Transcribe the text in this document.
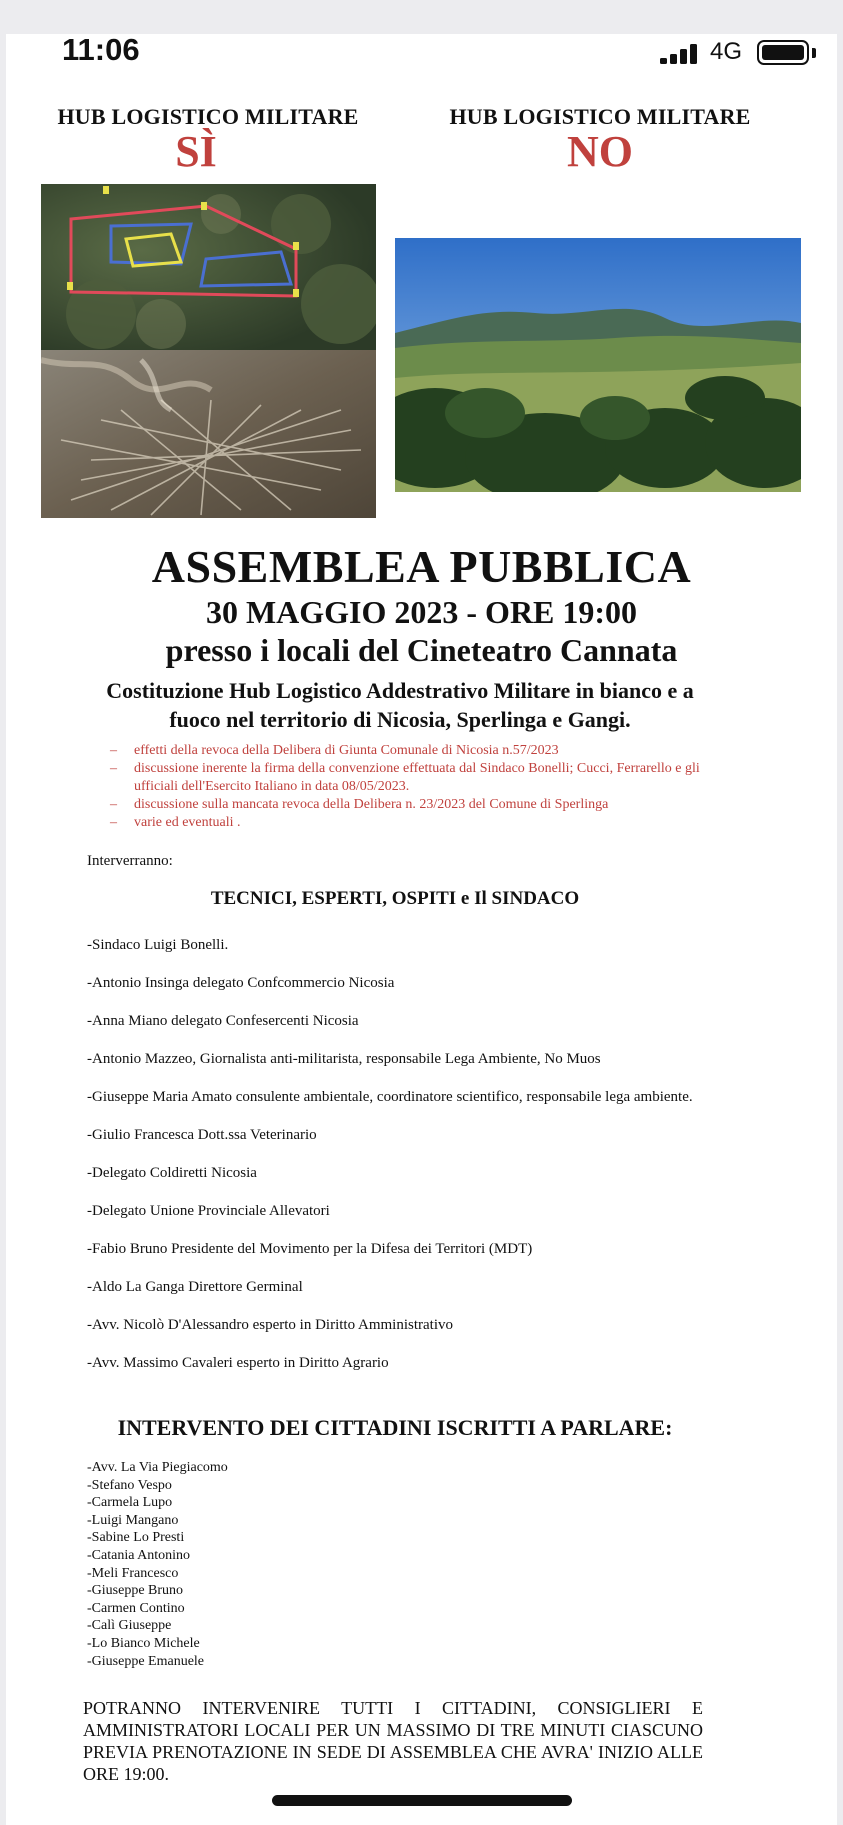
11:06	4G
HUB LOGISTICO MILITARE
SÌ
HUB LOGISTICO MILITARE
NO
ASSEMBLEA PUBBLICA
30 MAGGIO 2023 - ORE 19:00
presso i locali del Cineteatro Cannata
Costituzione Hub Logistico Addestrativo Militare in bianco e a fuoco nel territorio di Nicosia, Sperlinga e Gangi.
– effetti della revoca della Delibera di Giunta Comunale di Nicosia n.57/2023
– discussione inerente la firma della convenzione effettuata dal Sindaco Bonelli; Cucci, Ferrarello e gli ufficiali dell'Esercito Italiano in data 08/05/2023.
– discussione sulla mancata revoca della Delibera n. 23/2023 del Comune di Sperlinga
– varie ed eventuali .
Interverranno:
TECNICI, ESPERTI, OSPITI e Il SINDACO
-Sindaco Luigi Bonelli.
-Antonio Insinga delegato Confcommercio Nicosia
-Anna Miano delegato Confesercenti Nicosia
-Antonio Mazzeo, Giornalista anti-militarista, responsabile Lega Ambiente, No Muos
-Giuseppe Maria Amato consulente ambientale, coordinatore scientifico, responsabile lega ambiente.
-Giulio Francesca Dott.ssa Veterinario
-Delegato Coldiretti Nicosia
-Delegato Unione Provinciale Allevatori
-Fabio Bruno Presidente del Movimento per la Difesa dei Territori (MDT)
-Aldo La Ganga Direttore Germinal
-Avv. Nicolò D'Alessandro esperto in Diritto Amministrativo
-Avv. Massimo Cavaleri esperto in Diritto Agrario
INTERVENTO DEI CITTADINI ISCRITTI A PARLARE:
-Avv. La Via Piegiacomo
-Stefano Vespo
-Carmela Lupo
-Luigi Mangano
-Sabine Lo Presti
-Catania Antonino
-Meli Francesco
-Giuseppe Bruno
-Carmen Contino
-Calì Giuseppe
-Lo Bianco Michele
-Giuseppe Emanuele
POTRANNO INTERVENIRE TUTTI I CITTADINI, CONSIGLIERI E AMMINISTRATORI LOCALI PER UN MASSIMO DI TRE MINUTI CIASCUNO PREVIA PRENOTAZIONE IN SEDE DI ASSEMBLEA CHE AVRA' INIZIO ALLE ORE 19:00.
